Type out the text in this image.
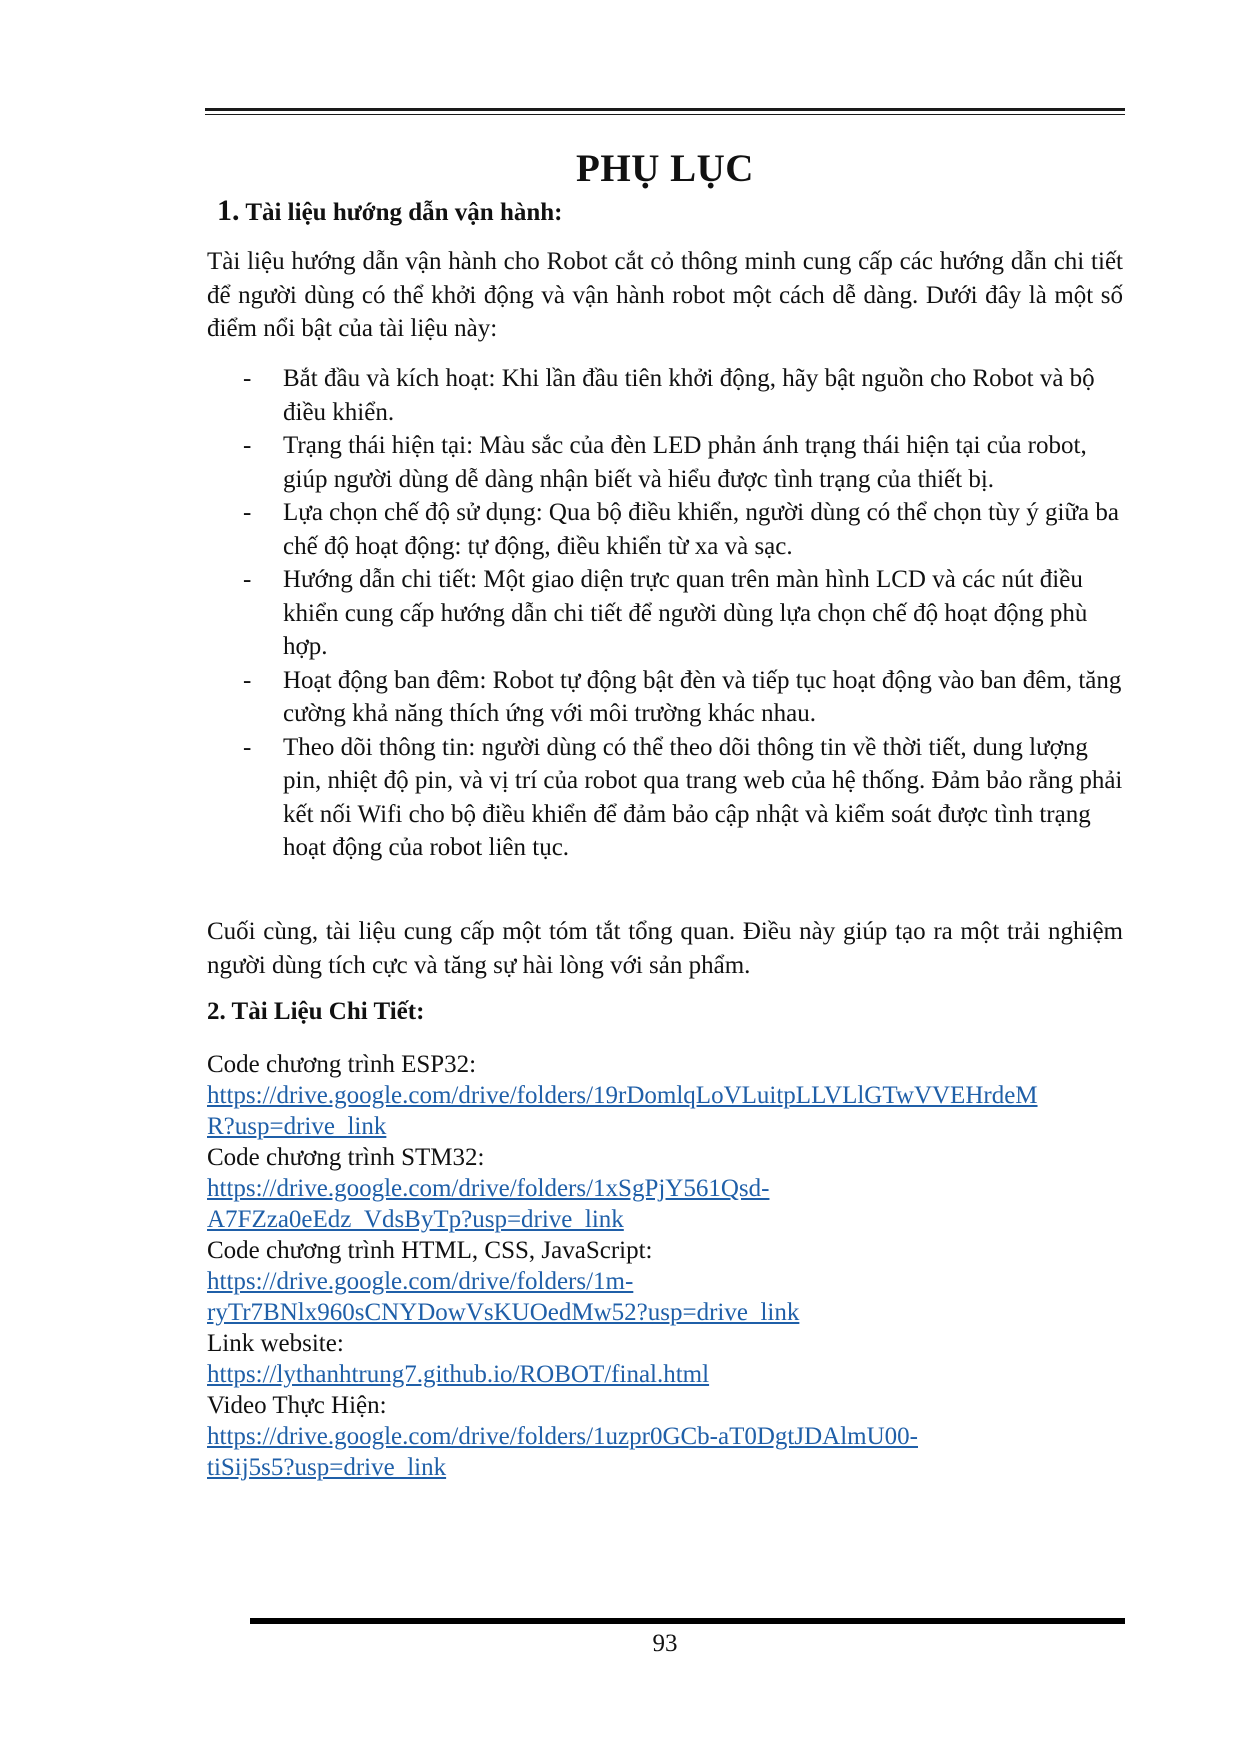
PHỤ LỤC
1. Tài liệu hướng dẫn vận hành:

Tài liệu hướng dẫn vận hành cho Robot cắt cỏ thông minh cung cấp các hướng dẫn chi tiết để người dùng có thể khởi động và vận hành robot một cách dễ dàng. Dưới đây là một số điểm nổi bật của tài liệu này:

- Bắt đầu và kích hoạt: Khi lần đầu tiên khởi động, hãy bật nguồn cho Robot và bộ điều khiển.
- Trạng thái hiện tại: Màu sắc của đèn LED phản ánh trạng thái hiện tại của robot, giúp người dùng dễ dàng nhận biết và hiểu được tình trạng của thiết bị.
- Lựa chọn chế độ sử dụng: Qua bộ điều khiển, người dùng có thể chọn tùy ý giữa ba chế độ hoạt động: tự động, điều khiển từ xa và sạc.
- Hướng dẫn chi tiết: Một giao diện trực quan trên màn hình LCD và các nút điều khiển cung cấp hướng dẫn chi tiết để người dùng lựa chọn chế độ hoạt động phù hợp.
- Hoạt động ban đêm: Robot tự động bật đèn và tiếp tục hoạt động vào ban đêm, tăng cường khả năng thích ứng với môi trường khác nhau.
- Theo dõi thông tin: người dùng có thể theo dõi thông tin về thời tiết, dung lượng pin, nhiệt độ pin, và vị trí của robot qua trang web của hệ thống. Đảm bảo rằng phải kết nối Wifi cho bộ điều khiển để đảm bảo cập nhật và kiểm soát được tình trạng hoạt động của robot liên tục.

Cuối cùng, tài liệu cung cấp một tóm tắt tổng quan. Điều này giúp tạo ra một trải nghiệm người dùng tích cực và tăng sự hài lòng với sản phẩm.

2. Tài Liệu Chi Tiết:
Code chương trình ESP32:
https://drive.google.com/drive/folders/19rDomlqLoVLuitpLLVLlGTwVVEHrdeM
R?usp=drive_link
Code chương trình STM32:
https://drive.google.com/drive/folders/1xSgPjY561Qsd-
A7FZza0eEdz_VdsByTp?usp=drive_link
Code chương trình HTML, CSS, JavaScript:
https://drive.google.com/drive/folders/1m-
ryTr7BNlx960sCNYDowVsKUOedMw52?usp=drive_link
Link website:
https://lythanhtrung7.github.io/ROBOT/final.html
Video Thực Hiện:
https://drive.google.com/drive/folders/1uzpr0GCb-aT0DgtJDAlmU00-
tiSij5s5?usp=drive_link
93
